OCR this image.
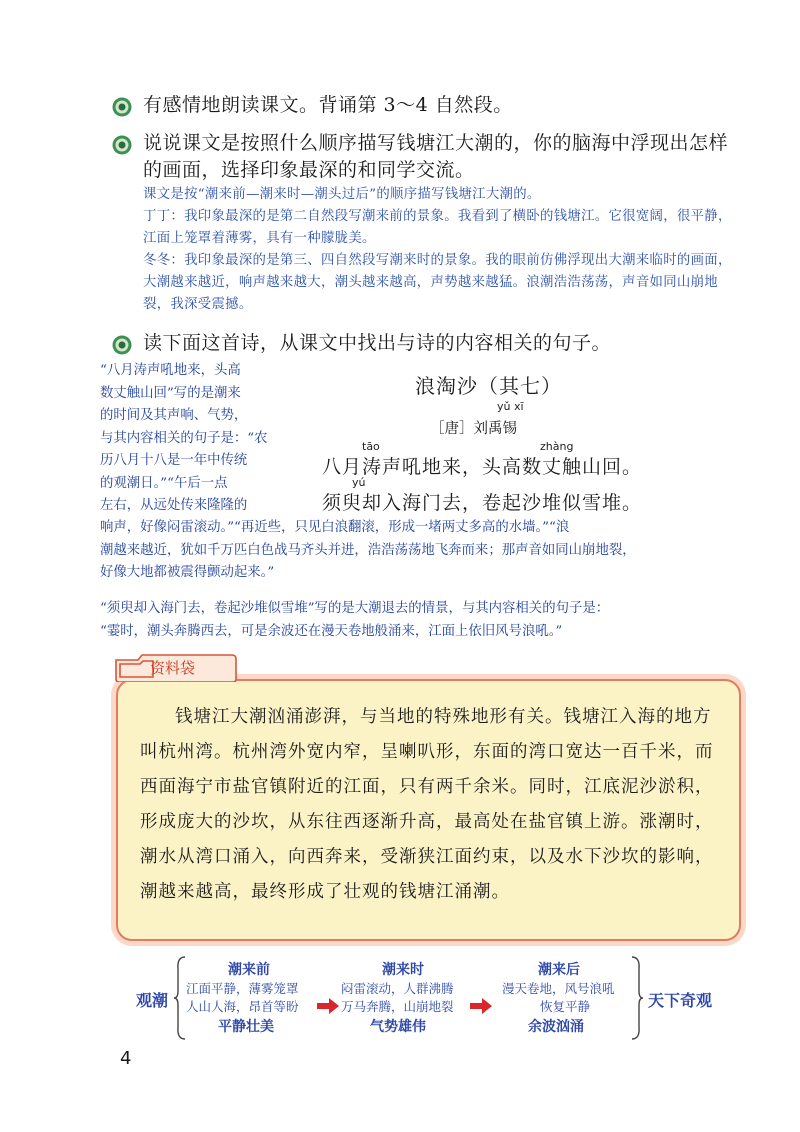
有感情地朗读课文。背诵第 3～4 自然段。
说说课文是按照什么顺序描写钱塘江大潮的，你的脑海中浮现出怎样的画面，选择印象最深的和同学交流。

课文是按“潮来前—潮来时—潮头过后”的顺序描写钱塘江大潮的。

丁丁：我印象最深的是第二自然段写潮来前的景象。我看到了横卧的钱塘江。它很宽阔，很平静，江面上笼罩着薄雾，具有一种朦胧美。

冬冬：我印象最深的是第三、四自然段写潮来时的景象。我的眼前仿佛浮现出大潮来临时的画面，大潮越来越近，响声越来越大，潮头越来越高，声势越来越猛。浪潮浩浩荡荡，声音如同山崩地裂，我深受震撼。

读下面这首诗，从课文中找出与诗的内容相关的句子。
“八月涛声吼地来，头高
数丈触山回”写的是潮来
的时间及其声响、气势，
与其内容相关的句子是：“农
历八月十八是一年中传统
的观潮日。”“午后一点
左右，从远处传来隆隆的
浪淘沙（其七）
yǔ xī
［唐］刘禹锡
tāo	zhàng
八月涛声吼地来，头高数丈触山回。
yú
须臾却入海门去，卷起沙堆似雪堆。
响声，好像闷雷滚动。”“再近些，只见白浪翻滚，形成一堵两丈多高的水墙。”“浪
潮越来越近，犹如千万匹白色战马齐头并进，浩浩荡荡地飞奔而来；那声音如同山崩地裂，
好像大地都被震得颤动起来。”
“须臾却入海门去，卷起沙堆似雪堆”写的是大潮退去的情景，与其内容相关的句子是：
“霎时，潮头奔腾西去，可是余波还在漫天卷地般涌来，江面上依旧风号浪吼。”
资料袋
钱塘江大潮汹涌澎湃，与当地的特殊地形有关。钱塘江入海的地方叫杭州湾。杭州湾外宽内窄，呈喇叭形，东面的湾口宽达一百千米，而西面海宁市盐官镇附近的江面，只有两千余米。同时，江底泥沙淤积，形成庞大的沙坎，从东往西逐渐升高，最高处在盐官镇上游。涨潮时，潮水从湾口涌入，向西奔来，受渐狭江面约束，以及水下沙坎的影响，潮越来越高，最终形成了壮观的钱塘江涌潮。
观潮
潮来前
江面平静，薄雾笼罩
人山人海，昂首等盼
平静壮美
潮来时
闷雷滚动，人群沸腾
万马奔腾，山崩地裂
气势雄伟
潮来后
漫天卷地，风号浪吼
恢复平静
余波汹涌
天下奇观
4
